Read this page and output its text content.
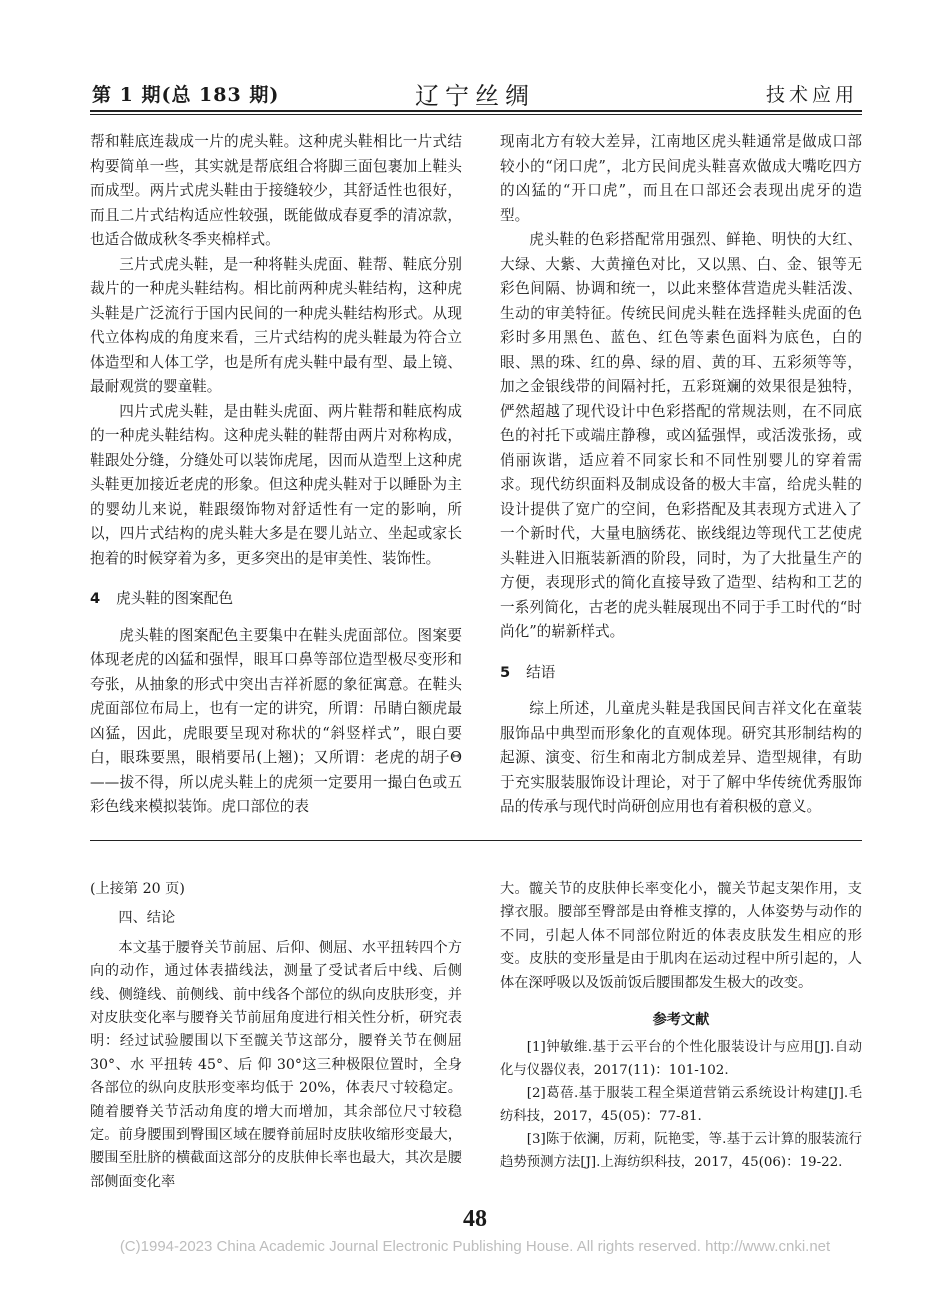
第 1 期(总 183 期)	辽宁丝绸	技术应用

帮和鞋底连裁成一片的虎头鞋。这种虎头鞋相比一片式结构要简单一些，其实就是帮底组合将脚三面包裹加上鞋头而成型。两片式虎头鞋由于接缝较少，其舒适性也很好，而且二片式结构适应性较强，既能做成春夏季的清凉款，也适合做成秋冬季夹棉样式。

三片式虎头鞋，是一种将鞋头虎面、鞋帮、鞋底分别裁片的一种虎头鞋结构。相比前两种虎头鞋结构，这种虎头鞋是广泛流行于国内民间的一种虎头鞋结构形式。从现代立体构成的角度来看，三片式结构的虎头鞋最为符合立体造型和人体工学，也是所有虎头鞋中最有型、最上镜、最耐观赏的婴童鞋。

四片式虎头鞋，是由鞋头虎面、两片鞋帮和鞋底构成的一种虎头鞋结构。这种虎头鞋的鞋帮由两片对称构成，鞋跟处分缝，分缝处可以装饰虎尾，因而从造型上这种虎头鞋更加接近老虎的形象。但这种虎头鞋对于以睡卧为主的婴幼儿来说，鞋跟缀饰物对舒适性有一定的影响，所以，四片式结构的虎头鞋大多是在婴儿站立、坐起或家长抱着的时候穿着为多，更多突出的是审美性、装饰性。

4 虎头鞋的图案配色

虎头鞋的图案配色主要集中在鞋头虎面部位。图案要体现老虎的凶猛和强悍，眼耳口鼻等部位造型极尽变形和夸张，从抽象的形式中突出吉祥祈愿的象征寓意。在鞋头虎面部位布局上，也有一定的讲究，所谓：吊睛白额虎最凶猛，因此，虎眼要呈现对称状的“斜竖样式”，眼白要白，眼珠要黑，眼梢要吊(上翘)；又所谓：老虎的胡子Θ——拔不得，所以虎头鞋上的虎须一定要用一撮白色或五彩色线来模拟装饰。虎口部位的表

现南北方有较大差异，江南地区虎头鞋通常是做成口部较小的“闭口虎”，北方民间虎头鞋喜欢做成大嘴吃四方的凶猛的“开口虎”，而且在口部还会表现出虎牙的造型。

虎头鞋的色彩搭配常用强烈、鲜艳、明快的大红、大绿、大紫、大黄撞色对比，又以黑、白、金、银等无彩色间隔、协调和统一，以此来整体营造虎头鞋活泼、生动的审美特征。传统民间虎头鞋在选择鞋头虎面的色彩时多用黑色、蓝色、红色等素色面料为底色，白的眼、黑的珠、红的鼻、绿的眉、黄的耳、五彩须等等，加之金银线带的间隔衬托，五彩斑斓的效果很是独特，俨然超越了现代设计中色彩搭配的常规法则，在不同底色的衬托下或端庄静穆，或凶猛强悍，或活泼张扬，或俏丽诙谐，适应着不同家长和不同性别婴儿的穿着需求。现代纺织面料及制成设备的极大丰富，给虎头鞋的设计提供了宽广的空间，色彩搭配及其表现方式进入了一个新时代，大量电脑绣花、嵌线绲边等现代工艺使虎头鞋进入旧瓶装新酒的阶段，同时，为了大批量生产的方便，表现形式的简化直接导致了造型、结构和工艺的一系列简化，古老的虎头鞋展现出不同于手工时代的“时尚化”的崭新样式。

5 结语

综上所述，儿童虎头鞋是我国民间吉祥文化在童装服饰品中典型而形象化的直观体现。研究其形制结构的起源、演变、衍生和南北方制成差异、造型规律，有助于充实服装服饰设计理论，对于了解中华传统优秀服饰品的传承与现代时尚研创应用也有着积极的意义。

(上接第 20 页)
四、结论

本文基于腰脊关节前屈、后仰、侧屈、水平扭转四个方向的动作，通过体表描线法，测量了受试者后中线、后侧线、侧缝线、前侧线、前中线各个部位的纵向皮肤形变，并对皮肤变化率与腰脊关节前屈角度进行相关性分析，研究表明：经过试验腰围以下至髋关节这部分，腰脊关节在侧屈 30°、水 平扭转 45°、后 仰 30°这三种极限位置时，全身各部位的纵向皮肤形变率均低于 20%，体表尺寸较稳定。随着腰脊关节活动角度的增大而增加，其余部位尺寸较稳定。前身腰围到臀围区域在腰脊前屈时皮肤收缩形变最大，腰围至肚脐的横截面这部分的皮肤伸长率也最大，其次是腰部侧面变化率

大。髋关节的皮肤伸长率变化小，髋关节起支架作用，支撑衣服。腰部至臀部是由脊椎支撑的，人体姿势与动作的不同，引起人体不同部位附近的体表皮肤发生相应的形变。皮肤的变形量是由于肌肉在运动过程中所引起的，人体在深呼吸以及饭前饭后腰围都发生极大的改变。

参考文献

[1]钟敏维.基于云平台的个性化服装设计与应用[J].自动化与仪器仪表，2017(11)：101-102.

[2]葛蓓.基于服装工程全渠道营销云系统设计构建[J].毛纺科技，2017，45(05)：77-81.

[3]陈于依澜，厉莉，阮艳雯，等.基于云计算的服装流行趋势预测方法[J].上海纺织科技，2017，45(06)：19-22.

48
(C)1994-2023 China Academic Journal Electronic Publishing House. All rights reserved. http://www.cnki.net
